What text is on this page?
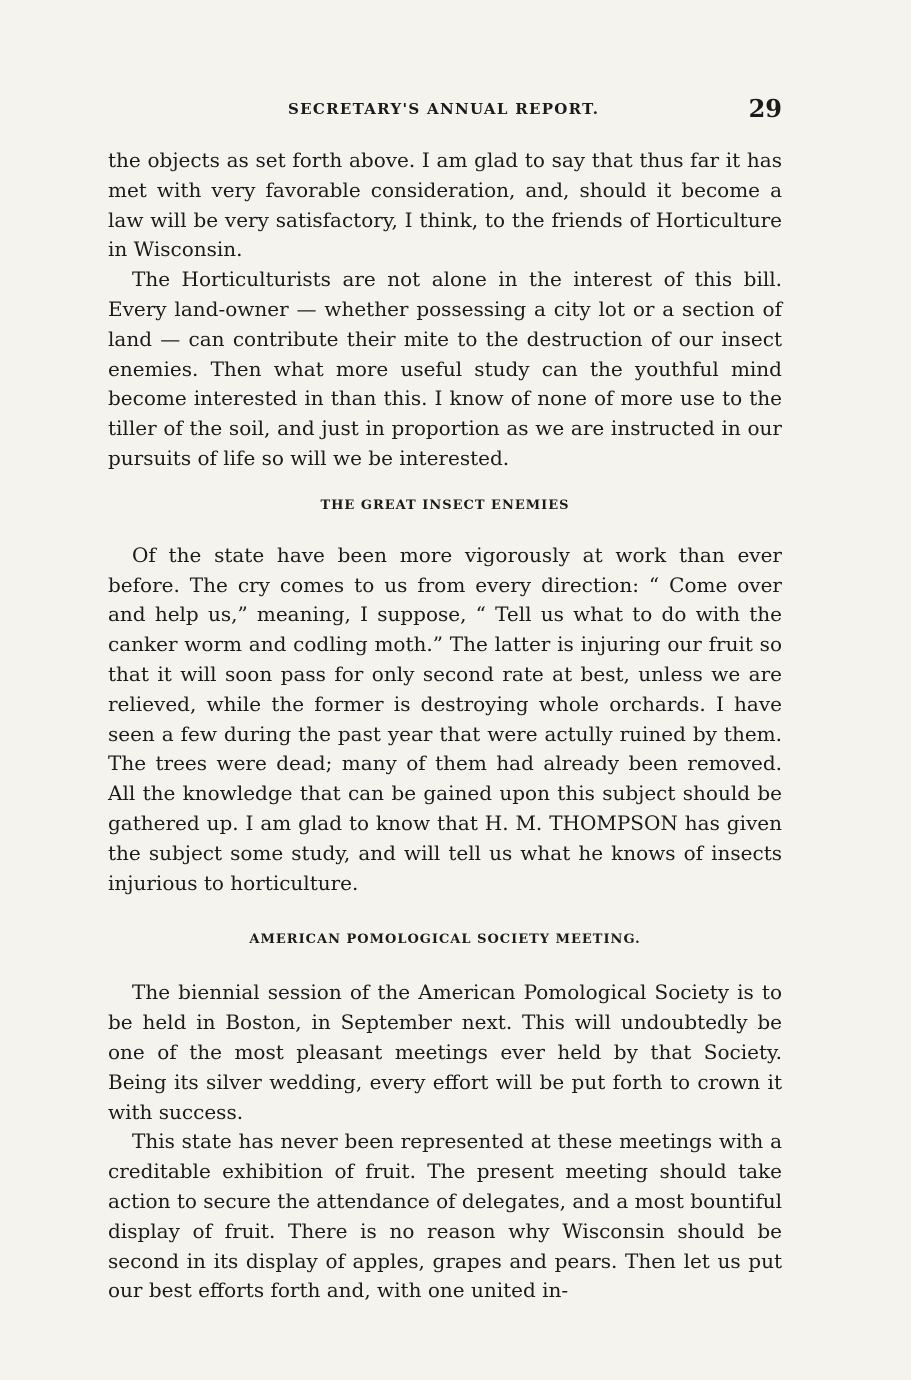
SECRETARY'S ANNUAL REPORT.	29

the objects as set forth above. I am glad to say that thus far it has met with very favorable consideration, and, should it become a law will be very satisfactory, I think, to the friends of Horticulture in Wisconsin.

The Horticulturists are not alone in the interest of this bill. Every land-owner — whether possessing a city lot or a section of land — can contribute their mite to the destruction of our insect enemies. Then what more useful study can the youthful mind become interested in than this. I know of none of more use to the tiller of the soil, and just in proportion as we are instructed in our pursuits of life so will we be interested.

THE GREAT INSECT ENEMIES

Of the state have been more vigorously at work than ever before. The cry comes to us from every direction: “ Come over and help us,” meaning, I suppose, “ Tell us what to do with the canker worm and codling moth.” The latter is injuring our fruit so that it will soon pass for only second rate at best, unless we are relieved, while the former is destroying whole orchards. I have seen a few during the past year that were actully ruined by them. The trees were dead; many of them had already been removed. All the knowledge that can be gained upon this subject should be gathered up. I am glad to know that H. M. THOMPSON has given the subject some study, and will tell us what he knows of insects injurious to horticulture.

AMERICAN POMOLOGICAL SOCIETY MEETING.

The biennial session of the American Pomological Society is to be held in Boston, in September next. This will undoubtedly be one of the most pleasant meetings ever held by that Society. Being its silver wedding, every effort will be put forth to crown it with success.

This state has never been represented at these meetings with a creditable exhibition of fruit. The present meeting should take action to secure the attendance of delegates, and a most bountiful display of fruit. There is no reason why Wisconsin should be second in its display of apples, grapes and pears. Then let us put our best efforts forth and, with one united in-
